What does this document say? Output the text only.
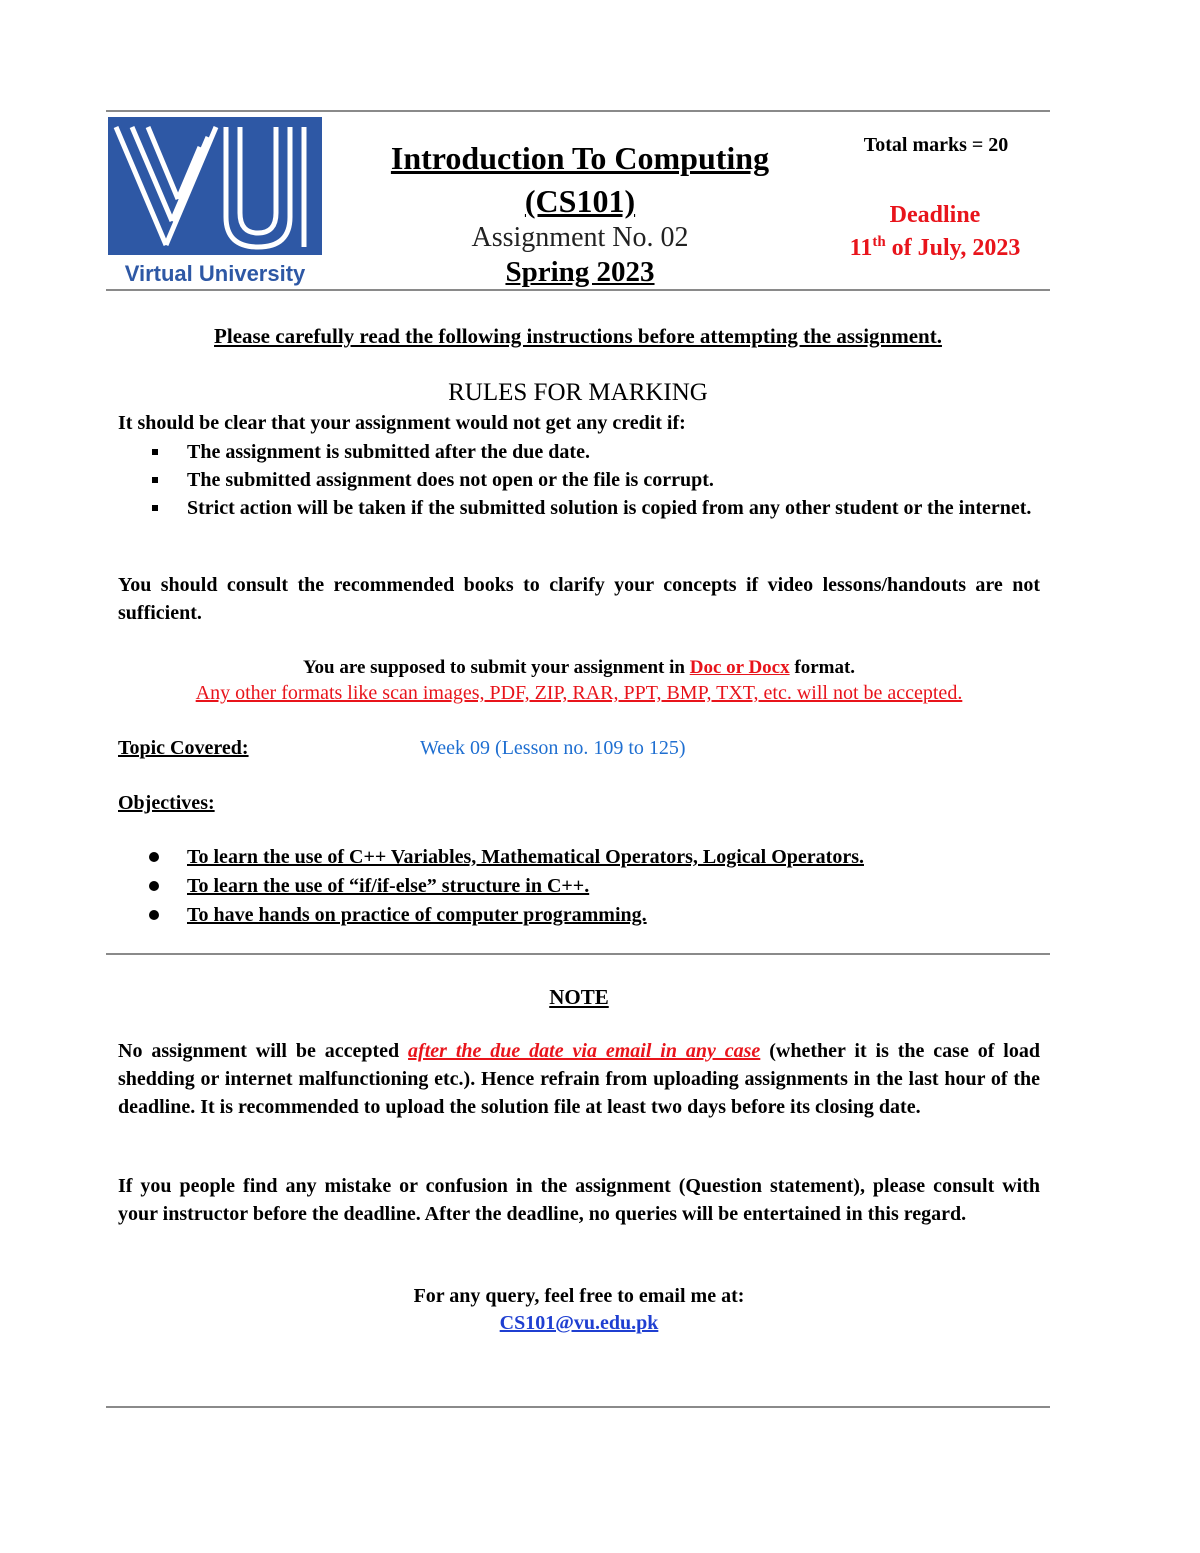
Virtual University
Introduction To Computing
(CS101)
Assignment No. 02
Spring 2023
Total marks = 20
Deadline
11th of July, 2023
Please carefully read the following instructions before attempting the assignment.
RULES FOR MARKING
It should be clear that your assignment would not get any credit if:
The assignment is submitted after the due date.
The submitted assignment does not open or the file is corrupt.
Strict action will be taken if the submitted solution is copied from any other student or the internet.
You should consult the recommended books to clarify your concepts if video lessons/handouts are not sufficient.
You are supposed to submit your assignment in Doc or Docx format.
Any other formats like scan images, PDF, ZIP, RAR, PPT, BMP, TXT, etc. will not be accepted.
Topic Covered:	Week 09 (Lesson no. 109 to 125)
Objectives:
To learn the use of C++ Variables, Mathematical Operators, Logical Operators.
To learn the use of “if/if-else” structure in C++.
To have hands on practice of computer programming.
NOTE
No assignment will be accepted after the due date via email in any case (whether it is the case of load shedding or internet malfunctioning etc.). Hence refrain from uploading assignments in the last hour of the deadline. It is recommended to upload the solution file at least two days before its closing date.
If you people find any mistake or confusion in the assignment (Question statement), please consult with your instructor before the deadline. After the deadline, no queries will be entertained in this regard.
For any query, feel free to email me at:
CS101@vu.edu.pk
